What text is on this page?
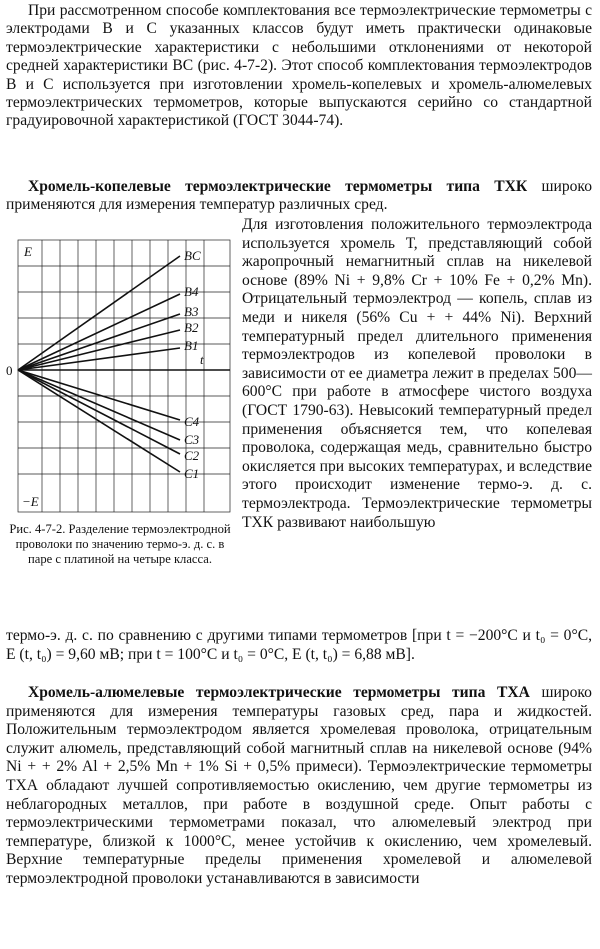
При рассмотренном способе комплектования все термоэлектрические термометры с электродами B и C указанных классов будут иметь практически одинаковые термоэлектрические характеристики с небольшими отклонениями от некоторой средней характеристики BC (рис. 4-7-2). Этот способ комплектования термоэлектродов B и C используется при изготовлении хромель-копелевых и хромель-алюмелевых термоэлектрических термометров, которые выпускаются серийно со стандартной градуировочной характеристикой (ГОСТ 3044-74).

Хромель-копелевые термоэлектрические термометры типа ТХК широко применяются для измерения температур различных сред.

E
−E
0
t
BC
B4
B3
B2
B1
C4
C3
C2
C1

Рис. 4-7-2. Разделение термоэлектродной проволоки по значению термо-э. д. с. в паре с платиной на четыре класса.

Для изготовления положительного термоэлектрода используется хромель Т, представляющий собой жаропрочный немагнитный сплав на никелевой основе (89% Ni + 9,8% Cr + 10% Fe + 0,2% Mn). Отрицательный термоэлектрод — копель, сплав из меди и никеля (56% Cu + + 44% Ni). Верхний температурный предел длительного применения термоэлектродов из копелевой проволоки в зависимости от ее диаметра лежит в пределах 500—600°С при работе в атмосфере чистого воздуха (ГОСТ 1790-63). Невысокий температурный предел применения объясняется тем, что копелевая проволока, содержащая медь, сравнительно быстро окисляется при высоких температурах, и вследствие этого происходит изменение термо-э. д. с. термоэлектрода. Термоэлектрические термометры ТХК развивают наибольшую

термо-э. д. с. по сравнению с другими типами термометров [при t = −200°С и t₀ = 0°С, E (t, t₀) = 9,60 мВ; при t = 100°С и t₀ = 0°С, E (t, t₀) = 6,88 мВ].

Хромель-алюмелевые термоэлектрические термометры типа ТХА широко применяются для измерения температуры газовых сред, пара и жидкостей. Положительным термоэлектродом является хромелевая проволока, отрицательным служит алюмель, представляющий собой магнитный сплав на никелевой основе (94% Ni + + 2% Al + 2,5% Mn + 1% Si + 0,5% примеси). Термоэлектрические термометры ТХА обладают лучшей сопротивляемостью окислению, чем другие термометры из неблагородных металлов, при работе в воздушной среде. Опыт работы с термоэлектрическими термометрами показал, что алюмелевый электрод при температуре, близкой к 1000°С, менее устойчив к окислению, чем хромелевый. Верхние температурные пределы применения хромелевой и алюмелевой термоэлектродной проволоки устанавливаются в зависимости
